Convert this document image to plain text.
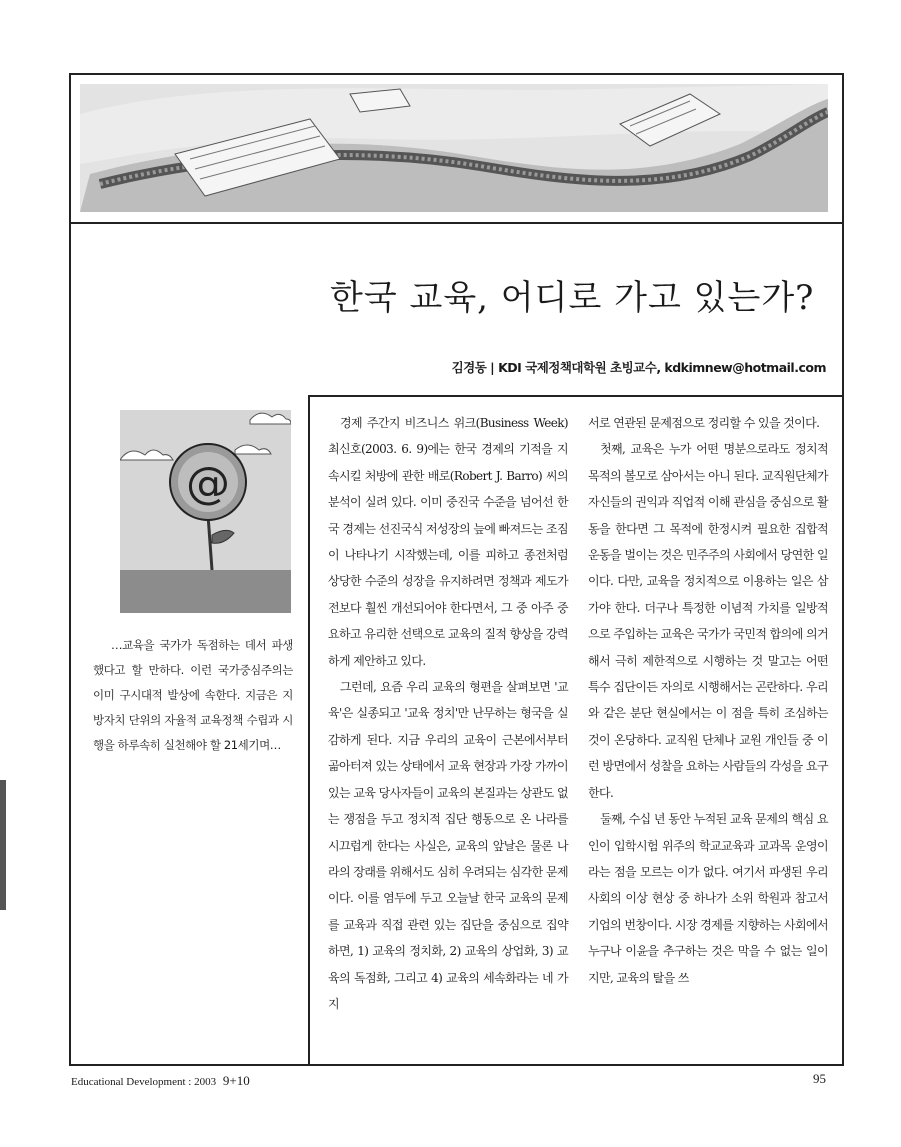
한국 교육, 어디로 가고 있는가?
김경동 | KDI 국제정책대학원 초빙교수, kdkimnew@hotmail.com
@

…교육을 국가가 독점하는 데서 파생했다고 할 만하다. 이런 국가중심주의는 이미 구시대적 발상에 속한다. 지금은 지방자치 단위의 자율적 교육정책 수립과 시행을 하루속히 실천해야 할 21세기며…

경제 주간지 비즈니스 위크(Business Week) 최신호(2003. 6. 9)에는 한국 경제의 기적을 지속시킬 처방에 관한 배로(Robert J. Barro) 씨의 분석이 실려 있다. 이미 중진국 수준을 넘어선 한국 경제는 선진국식 저성장의 늪에 빠져드는 조짐이 나타나기 시작했는데, 이를 피하고 종전처럼 상당한 수준의 성장을 유지하려면 정책과 제도가 전보다 훨씬 개선되어야 한다면서, 그 중 아주 중요하고 유리한 선택으로 교육의 질적 향상을 강력하게 제안하고 있다.

그런데, 요즘 우리 교육의 형편을 살펴보면 '교육'은 실종되고 '교육 정치'만 난무하는 형국을 실감하게 된다. 지금 우리의 교육이 근본에서부터 곪아터져 있는 상태에서 교육 현장과 가장 가까이 있는 교육 당사자들이 교육의 본질과는 상관도 없는 쟁점을 두고 정치적 집단 행동으로 온 나라를 시끄럽게 한다는 사실은, 교육의 앞날은 물론 나라의 장래를 위해서도 심히 우려되는 심각한 문제이다. 이를 염두에 두고 오늘날 한국 교육의 문제를 교육과 직접 관련 있는 집단을 중심으로 집약하면, 1) 교육의 정치화, 2) 교육의 상업화, 3) 교육의 독점화, 그리고 4) 교육의 세속화라는 네 가지

서로 연관된 문제점으로 정리할 수 있을 것이다.

첫째, 교육은 누가 어떤 명분으로라도 정치적 목적의 볼모로 삼아서는 아니 된다. 교직원단체가 자신들의 권익과 직업적 이해 관심을 중심으로 활동을 한다면 그 목적에 한정시켜 필요한 집합적 운동을 벌이는 것은 민주주의 사회에서 당연한 일이다. 다만, 교육을 정치적으로 이용하는 일은 삼가야 한다. 더구나 특정한 이념적 가치를 일방적으로 주입하는 교육은 국가가 국민적 합의에 의거해서 극히 제한적으로 시행하는 것 말고는 어떤 특수 집단이든 자의로 시행해서는 곤란하다. 우리와 같은 분단 현실에서는 이 점을 특히 조심하는 것이 온당하다. 교직원 단체나 교원 개인들 중 이런 방면에서 성찰을 요하는 사람들의 각성을 요구한다.

둘째, 수십 년 동안 누적된 교육 문제의 핵심 요인이 입학시험 위주의 학교교육과 교과목 운영이라는 점을 모르는 이가 없다. 여기서 파생된 우리 사회의 이상 현상 중 하나가 소위 학원과 참고서 기업의 번창이다. 시장 경제를 지향하는 사회에서 누구나 이윤을 추구하는 것은 막을 수 없는 일이지만, 교육의 탈을 쓰

Educational Development : 2003 9+10	95
